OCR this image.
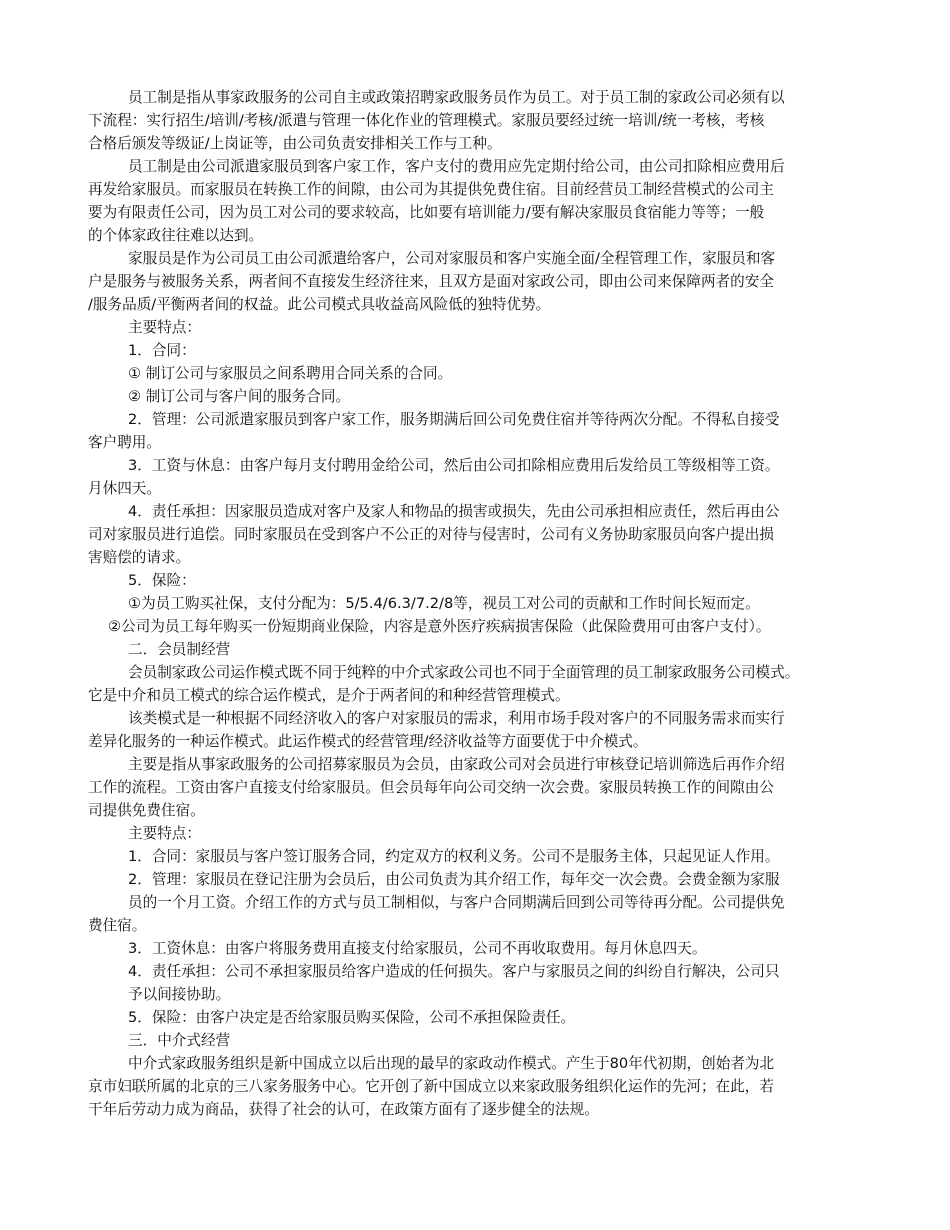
员工制是指从事家政服务的公司自主或政策招聘家政服务员作为员工。对于员工制的家政公司必须有以
下流程：实行招生/培训/考核/派遣与管理一体化作业的管理模式。家服员要经过统一培训/统一考核，考核
合格后颁发等级证/上岗证等，由公司负责安排相关工作与工种。
员工制是由公司派遣家服员到客户家工作，客户支付的费用应先定期付给公司，由公司扣除相应费用后
再发给家服员。而家服员在转换工作的间隙，由公司为其提供免费住宿。目前经营员工制经营模式的公司主
要为有限责任公司，因为员工对公司的要求较高，比如要有培训能力/要有解决家服员食宿能力等等；一般
的个体家政往往难以达到。
家服员是作为公司员工由公司派遣给客户，公司对家服员和客户实施全面/全程管理工作，家服员和客
户是服务与被服务关系，两者间不直接发生经济往来，且双方是面对家政公司，即由公司来保障两者的安全
/服务品质/平衡两者间的权益。此公司模式具收益高风险低的独特优势。
主要特点：
1．合同：
① 制订公司与家服员之间系聘用合同关系的合同。
② 制订公司与客户间的服务合同。
2．管理：公司派遣家服员到客户家工作，服务期满后回公司免费住宿并等待两次分配。不得私自接受
客户聘用。
3．工资与休息：由客户每月支付聘用金给公司，然后由公司扣除相应费用后发给员工等级相等工资。
月休四天。
4．责任承担：因家服员造成对客户及家人和物品的损害或损失，先由公司承担相应责任，然后再由公
司对家服员进行追偿。同时家服员在受到客户不公正的对待与侵害时，公司有义务协助家服员向客户提出损
害赔偿的请求。
5．保险：
①为员工购买社保，支付分配为：5/5.4/6.3/7.2/8等，视员工对公司的贡献和工作时间长短而定。
②公司为员工每年购买一份短期商业保险，内容是意外医疗疾病损害保险（此保险费用可由客户支付）。
二．会员制经营
会员制家政公司运作模式既不同于纯粹的中介式家政公司也不同于全面管理的员工制家政服务公司模式。
它是中介和员工模式的综合运作模式，是介于两者间的和种经营管理模式。
该类模式是一种根据不同经济收入的客户对家服员的需求，利用市场手段对客户的不同服务需求而实行
差异化服务的一种运作模式。此运作模式的经营管理/经济收益等方面要优于中介模式。
主要是指从事家政服务的公司招募家服员为会员，由家政公司对会员进行审核登记培训筛选后再作介绍
工作的流程。工资由客户直接支付给家服员。但会员每年向公司交纳一次会费。家服员转换工作的间隙由公
司提供免费住宿。
主要特点：
1．合同：家服员与客户签订服务合同，约定双方的权利义务。公司不是服务主体，只起见证人作用。
2．管理：家服员在登记注册为会员后，由公司负责为其介绍工作，每年交一次会费。会费金额为家服
员的一个月工资。介绍工作的方式与员工制相似，与客户合同期满后回到公司等待再分配。公司提供免
费住宿。
3．工资休息：由客户将服务费用直接支付给家服员，公司不再收取费用。每月休息四天。
4．责任承担：公司不承担家服员给客户造成的任何损失。客户与家服员之间的纠纷自行解决，公司只
予以间接协助。
5．保险：由客户决定是否给家服员购买保险，公司不承担保险责任。
三．中介式经营
中介式家政服务组织是新中国成立以后出现的最早的家政动作模式。产生于80年代初期，创始者为北
京市妇联所属的北京的三八家务服务中心。它开创了新中国成立以来家政服务组织化运作的先河；在此，若
干年后劳动力成为商品，获得了社会的认可，在政策方面有了逐步健全的法规。
